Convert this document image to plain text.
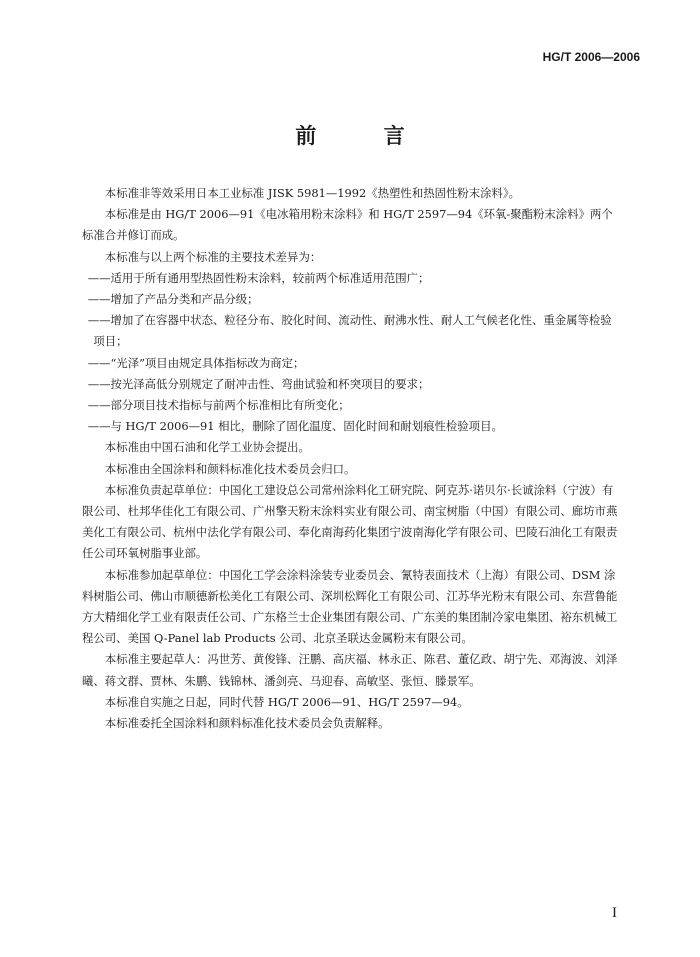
HG/T 2006—2006
前 言

本标准非等效采用日本工业标准 JISK 5981—1992《热塑性和热固性粉末涂料》。

本标准是由 HG/T 2006—91《电冰箱用粉末涂料》和 HG/T 2597—94《环氧-聚酯粉末涂料》两个标准合并修订而成。

本标准与以上两个标准的主要技术差异为：

——适用于所有通用型热固性粉末涂料，较前两个标准适用范围广；

——增加了产品分类和产品分级；

——增加了在容器中状态、粒径分布、胶化时间、流动性、耐沸水性、耐人工气候老化性、重金属等检验项目；

——“光泽”项目由规定具体指标改为商定；

——按光泽高低分别规定了耐冲击性、弯曲试验和杯突项目的要求；

——部分项目技术指标与前两个标准相比有所变化；

——与 HG/T 2006—91 相比，删除了固化温度、固化时间和耐划痕性检验项目。

本标准由中国石油和化学工业协会提出。

本标准由全国涂料和颜料标准化技术委员会归口。

本标准负责起草单位：中国化工建设总公司常州涂料化工研究院、阿克苏·诺贝尔·长诚涂料（宁波）有限公司、杜邦华佳化工有限公司、广州擎天粉末涂料实业有限公司、南宝树脂（中国）有限公司、廊坊市燕美化工有限公司、杭州中法化学有限公司、奉化南海药化集团宁波南海化学有限公司、巴陵石油化工有限责任公司环氧树脂事业部。

本标准参加起草单位：中国化工学会涂料涂装专业委员会、氰特表面技术（上海）有限公司、DSM 涂料树脂公司、佛山市顺德新松美化工有限公司、深圳松辉化工有限公司、江苏华光粉末有限公司、东营鲁能方大精细化学工业有限责任公司、广东格兰士企业集团有限公司、广东美的集团制冷家电集团、裕东机械工程公司、美国 Q-Panel lab Products 公司、北京圣联达金属粉末有限公司。

本标准主要起草人：冯世芳、黄俊锋、汪鹏、高庆福、林永正、陈君、董亿政、胡宁先、邓海波、刘泽曦、蒋文群、贾林、朱鹏、钱锦林、潘剑亮、马迎春、高敏坚、张恒、滕景军。

本标准自实施之日起，同时代替 HG/T 2006—91、HG/T 2597—94。

本标准委托全国涂料和颜料标准化技术委员会负责解释。

I
